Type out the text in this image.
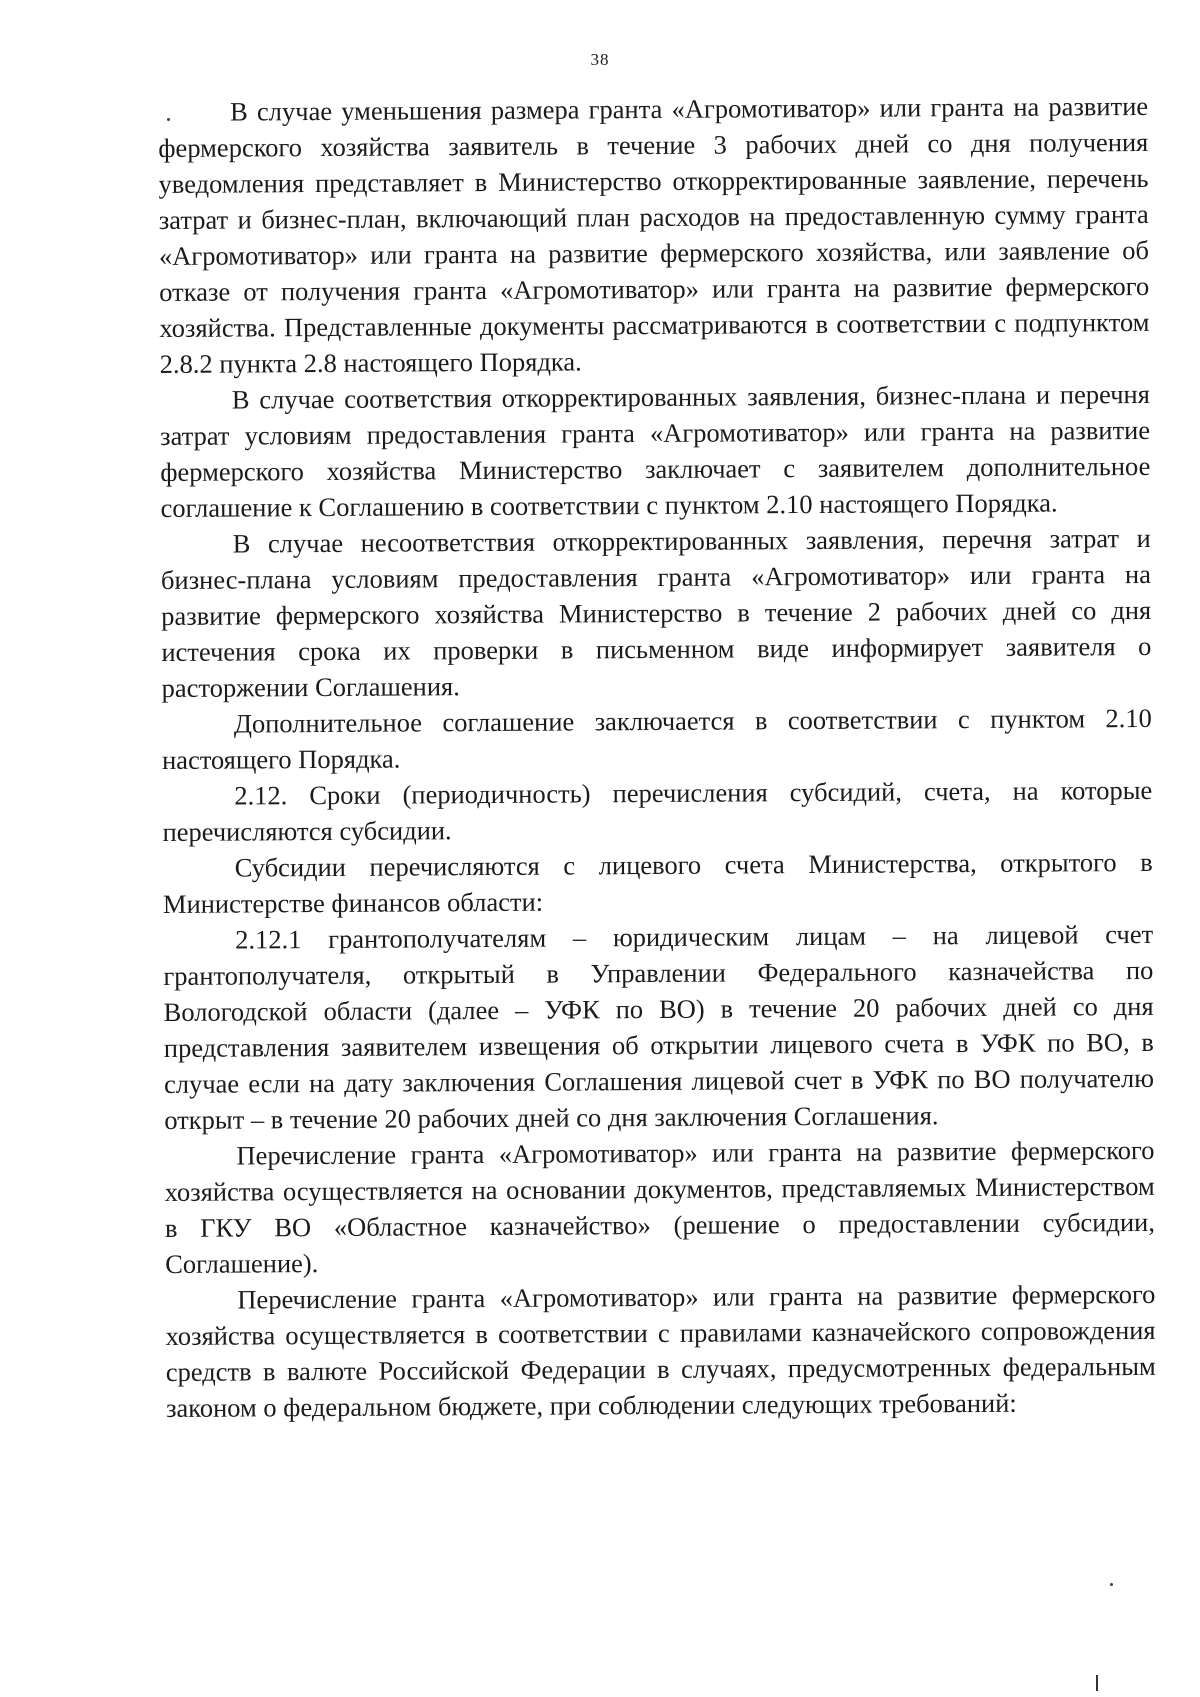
38

В случае уменьшения размера гранта «Агромотиватор» или гранта на развитие фермерского хозяйства заявитель в течение 3 рабочих дней со дня получения уведомления представляет в Министерство откорректированные заявление, перечень затрат и бизнес-план, включающий план расходов на предоставленную сумму гранта «Агромотиватор» или гранта на развитие фермерского хозяйства, или заявление об отказе от получения гранта «Агромотиватор» или гранта на развитие фермерского хозяйства. Представленные документы рассматриваются в соответствии с подпунктом 2.8.2 пункта 2.8 настоящего Порядка.

В случае соответствия откорректированных заявления, бизнес-плана и перечня затрат условиям предоставления гранта «Агромотиватор» или гранта на развитие фермерского хозяйства Министерство заключает с заявителем дополнительное соглашение к Соглашению в соответствии с пунктом 2.10 настоящего Порядка.

В случае несоответствия откорректированных заявления, перечня затрат и бизнес-плана условиям предоставления гранта «Агромотиватор» или гранта на развитие фермерского хозяйства Министерство в течение 2 рабочих дней со дня истечения срока их проверки в письменном виде информирует заявителя о расторжении Соглашения.

Дополнительное соглашение заключается в соответствии с пунктом 2.10 настоящего Порядка.

2.12. Сроки (периодичность) перечисления субсидий, счета, на которые перечисляются субсидии.

Субсидии перечисляются с лицевого счета Министерства, открытого в Министерстве финансов области:

2.12.1 грантополучателям – юридическим лицам – на лицевой счет грантополучателя, открытый в Управлении Федерального казначейства по Вологодской области (далее – УФК по ВО) в течение 20 рабочих дней со дня представления заявителем извещения об открытии лицевого счета в УФК по ВО, в случае если на дату заключения Соглашения лицевой счет в УФК по ВО получателю открыт – в течение 20 рабочих дней со дня заключения Соглашения.

Перечисление гранта «Агромотиватор» или гранта на развитие фермерского хозяйства осуществляется на основании документов, представляемых Министерством в ГКУ ВО «Областное казначейство» (решение о предоставлении субсидии, Соглашение).

Перечисление гранта «Агромотиватор» или гранта на развитие фермерского хозяйства осуществляется в соответствии с правилами казначейского сопровождения средств в валюте Российской Федерации в случаях, предусмотренных федеральным законом о федеральном бюджете, при соблюдении следующих требований:
